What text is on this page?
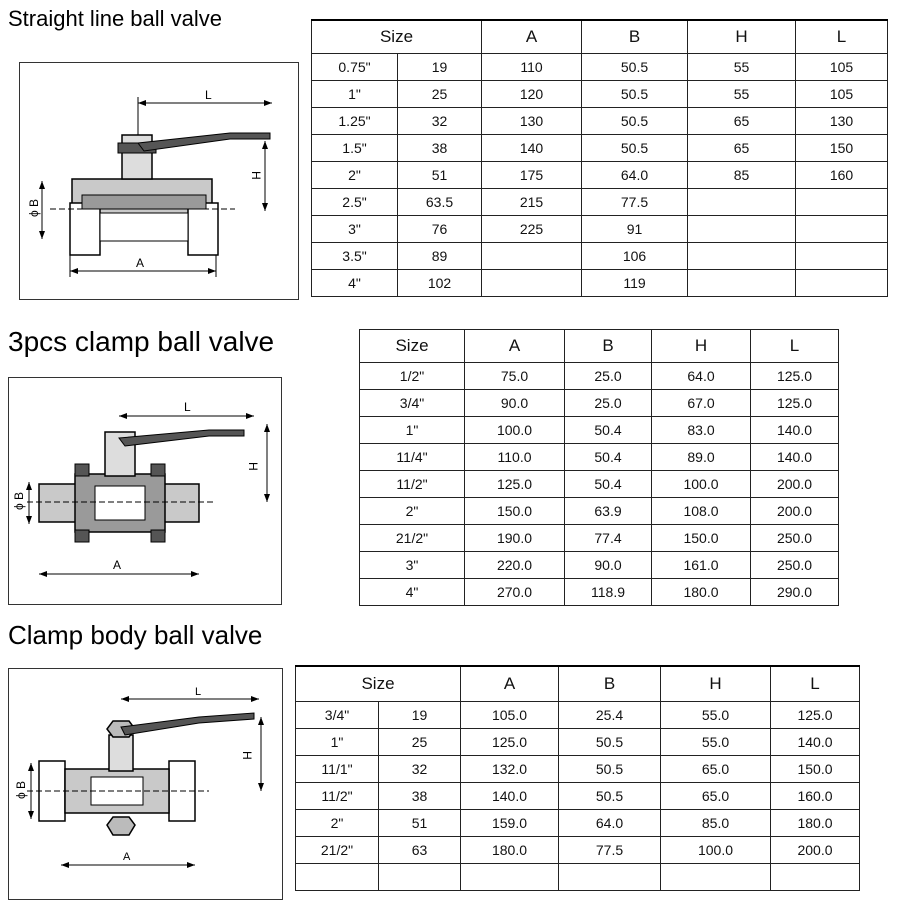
Straight line ball valve
L
H
ϕ B
A
Size		A	B	H	L
0.75"	19	110	50.5	55	105
1"	25	120	50.5	55	105
1.25"	32	130	50.5	65	130
1.5"	38	140	50.5	65	150
2"	51	175	64.0	85	160
2.5"	63.5	215	77.5		
3"	76	225	91		
3.5"	89		106		
4"	102		119		
3pcs clamp ball valve
L
H
ϕ B
A
Size	A	B	H	L
1/2"	75.0	25.0	64.0	125.0
3/4"	90.0	25.0	67.0	125.0
1"	100.0	50.4	83.0	140.0
11/4"	110.0	50.4	89.0	140.0
11/2"	125.0	50.4	100.0	200.0
2"	150.0	63.9	108.0	200.0
21/2"	190.0	77.4	150.0	250.0
3"	220.0	90.0	161.0	250.0
4"	270.0	118.9	180.0	290.0
Clamp body ball valve
L
H
ϕ B
A
Size		A	B	H	L
3/4"	19	105.0	25.4	55.0	125.0
1"	25	125.0	50.5	55.0	140.0
11/1"	32	132.0	50.5	65.0	150.0
11/2"	38	140.0	50.5	65.0	160.0
2"	51	159.0	64.0	85.0	180.0
21/2"	63	180.0	77.5	100.0	200.0
